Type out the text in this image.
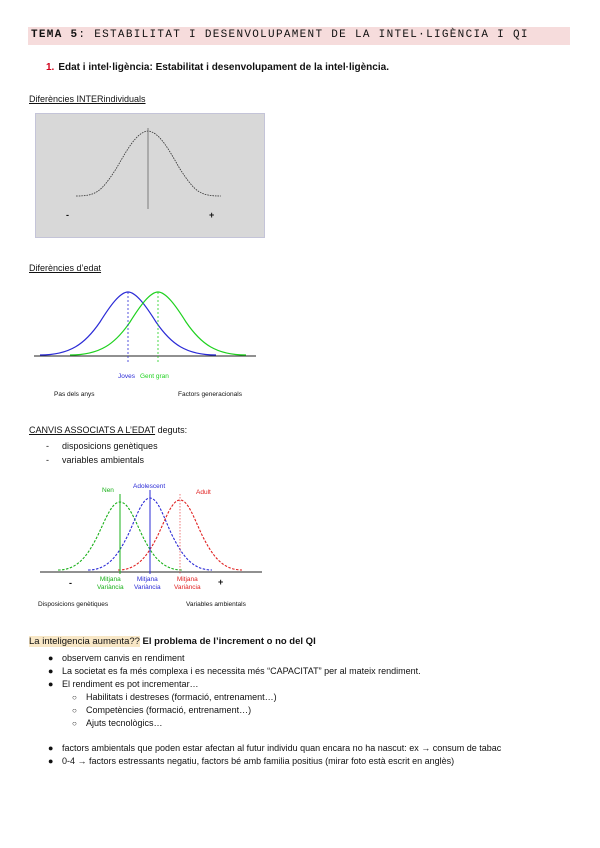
TEMA 5: ESTABILITAT I DESENVOLUPAMENT DE LA INTEL·LIGÈNCIA I QI
1. Edat i intel·ligència: Estabilitat i desenvolupament de la intel·ligència.
Diferències INTERindividuals
-	+
Diferències d’edat
Joves Gent gran
Pas dels anys	Factors generacionals
CANVIS ASSOCIATS A L’EDAT deguts:
- disposicions genètiques
- variables ambientals
Nen
Adolescent
Adult
Mitjana
Variància
Mitjana
Variància
Mitjana
Variància
-	+
Disposicions genètiques	Variables ambientals
La inteligencia aumenta?? El problema de l’increment o no del QI
● observem canvis en rendiment
● La societat es fa més complexa i es necessita més “CAPACITAT” per al mateix rendiment.
● El rendiment es pot incrementar…
○ Habilitats i destreses (formació, entrenament…)
○ Competències (formació, entrenament…)
○ Ajuts tecnològics…
● factors ambientals que poden estar afectan al futur individu quan encara no ha nascut: ex → consum de tabac
● 0-4 → factors estressants negatiu, factors bé amb familia positius (mirar foto està escrit en anglès)
